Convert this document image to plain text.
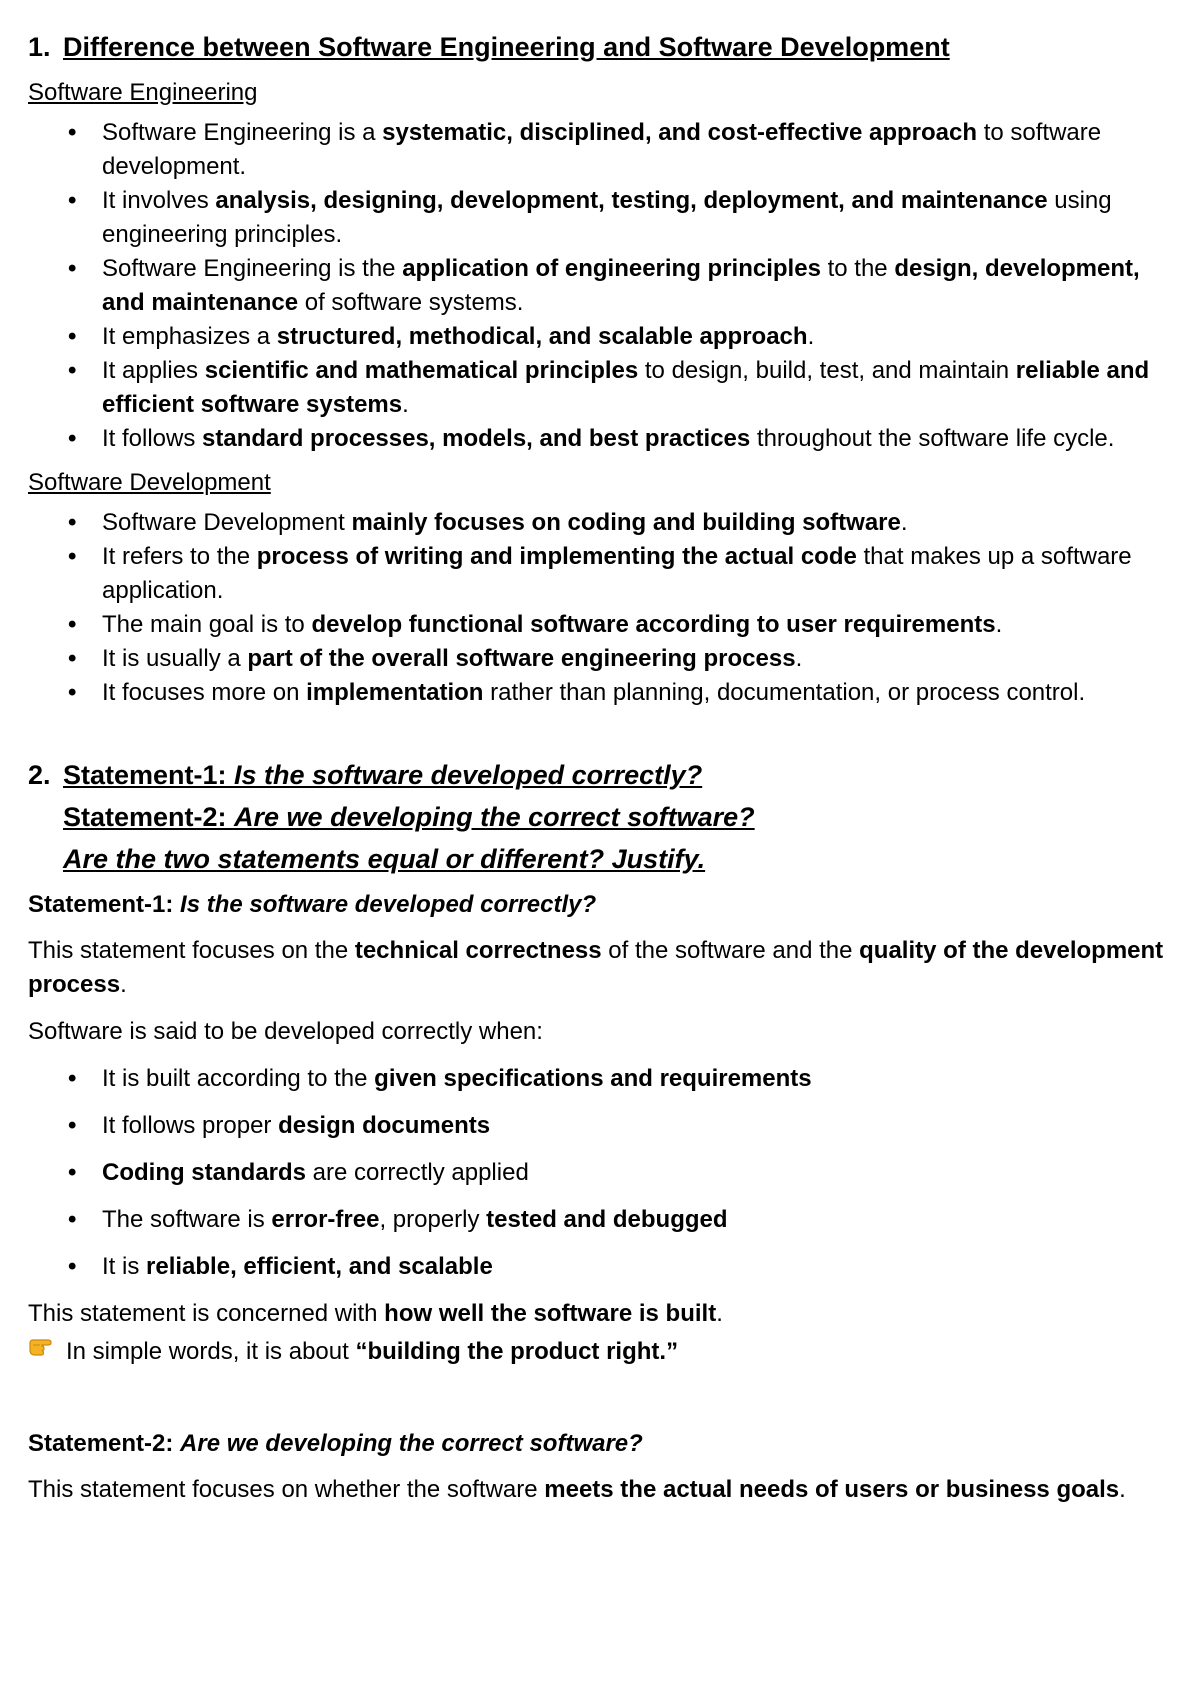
1. Difference between Software Engineering and Software Development
Software Engineering
• Software Engineering is a systematic, disciplined, and cost-effective approach to software development.
• It involves analysis, designing, development, testing, deployment, and maintenance using engineering principles.
• Software Engineering is the application of engineering principles to the design, development, and maintenance of software systems.
• It emphasizes a structured, methodical, and scalable approach.
• It applies scientific and mathematical principles to design, build, test, and maintain reliable and efficient software systems.
• It follows standard processes, models, and best practices throughout the software life cycle.
Software Development
• Software Development mainly focuses on coding and building software.
• It refers to the process of writing and implementing the actual code that makes up a software application.
• The main goal is to develop functional software according to user requirements.
• It is usually a part of the overall software engineering process.
• It focuses more on implementation rather than planning, documentation, or process control.
2. Statement-1: Is the software developed correctly?
Statement-2: Are we developing the correct software?
Are the two statements equal or different? Justify.

Statement-1: Is the software developed correctly?

This statement focuses on the technical correctness of the software and the quality of the development process.

Software is said to be developed correctly when:

• It is built according to the given specifications and requirements
• It follows proper design documents
• Coding standards are correctly applied
• The software is error-free, properly tested and debugged
• It is reliable, efficient, and scalable

This statement is concerned with how well the software is built.

In simple words, it is about “building the product right.”

Statement-2: Are we developing the correct software?

This statement focuses on whether the software meets the actual needs of users or business goals.
